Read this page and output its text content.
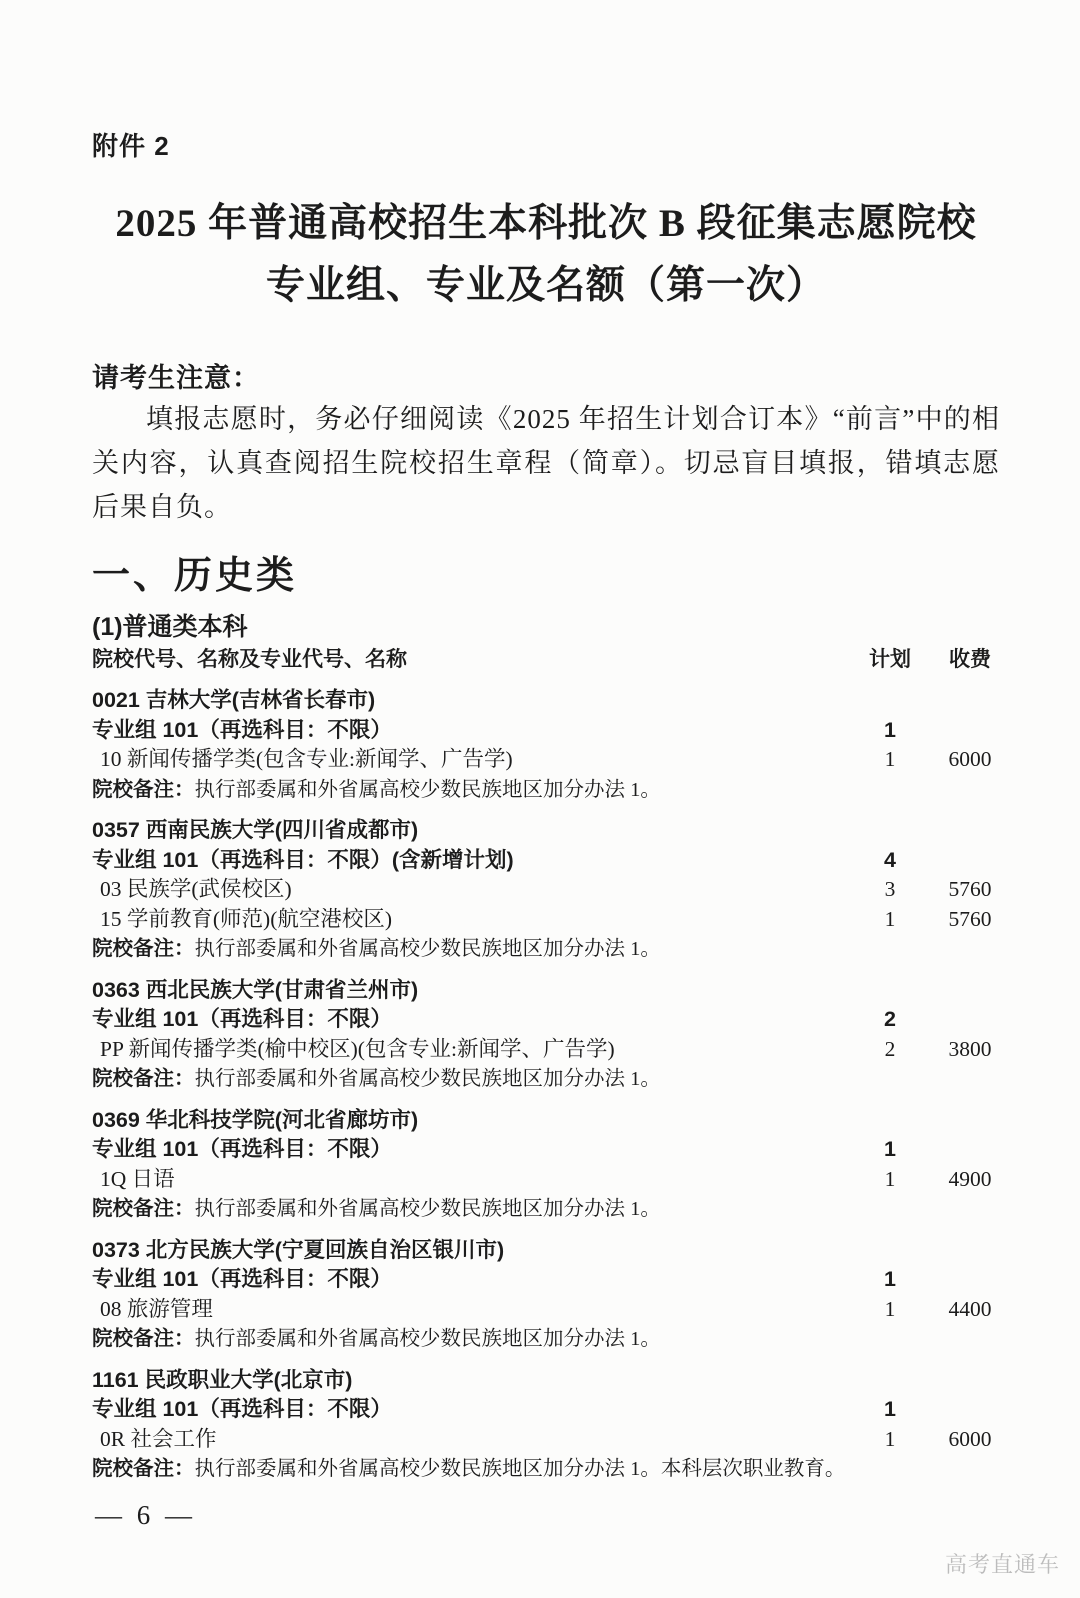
附件 2
2025 年普通高校招生本科批次 B 段征集志愿院校
专业组、专业及名额（第一次）
请考生注意：
填报志愿时，务必仔细阅读《2025 年招生计划合订本》“前言”中的相关内容，认真查阅招生院校招生章程（简章）。切忌盲目填报，错填志愿后果自负。
一、历史类
(1)普通类本科
院校代号、名称及专业代号、名称	计划	收费
0021 吉林大学(吉林省长春市)
专业组 101（再选科目：不限）	1
10 新闻传播学类(包含专业:新闻学、广告学)	1	6000
院校备注：执行部委属和外省属高校少数民族地区加分办法 1。
0357 西南民族大学(四川省成都市)
专业组 101（再选科目：不限）(含新增计划)	4
03 民族学(武侯校区)	3	5760
15 学前教育(师范)(航空港校区)	1	5760
院校备注：执行部委属和外省属高校少数民族地区加分办法 1。
0363 西北民族大学(甘肃省兰州市)
专业组 101（再选科目：不限）	2
PP 新闻传播学类(榆中校区)(包含专业:新闻学、广告学)	2	3800
院校备注：执行部委属和外省属高校少数民族地区加分办法 1。
0369 华北科技学院(河北省廊坊市)
专业组 101（再选科目：不限）	1
1Q 日语	1	4900
院校备注：执行部委属和外省属高校少数民族地区加分办法 1。
0373 北方民族大学(宁夏回族自治区银川市)
专业组 101（再选科目：不限）	1
08 旅游管理	1	4400
院校备注：执行部委属和外省属高校少数民族地区加分办法 1。
1161 民政职业大学(北京市)
专业组 101（再选科目：不限）	1
0R 社会工作	1	6000
院校备注：执行部委属和外省属高校少数民族地区加分办法 1。本科层次职业教育。
— 6 —
高考直通车
